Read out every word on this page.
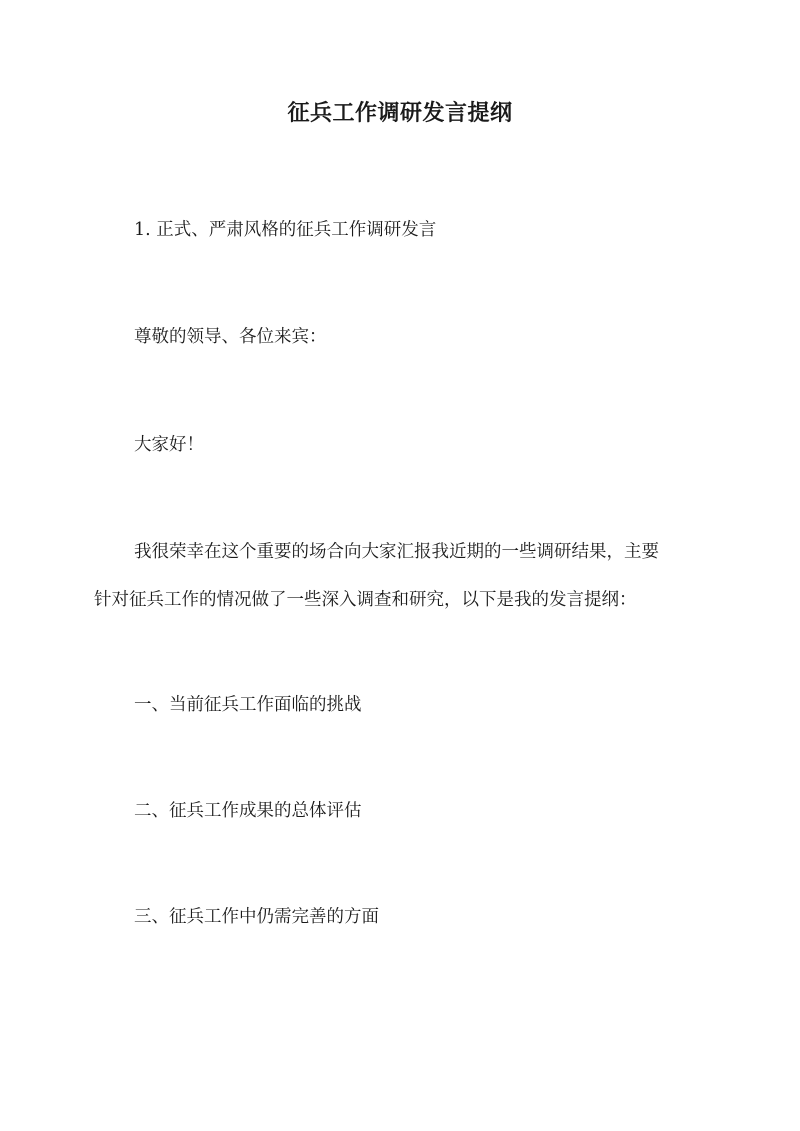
征兵工作调研发言提纲

1. 正式、严肃风格的征兵工作调研发言

尊敬的领导、各位来宾：

大家好！

我很荣幸在这个重要的场合向大家汇报我近期的一些调研结果，主要

针对征兵工作的情况做了一些深入调查和研究，以下是我的发言提纲：

一、当前征兵工作面临的挑战

二、征兵工作成果的总体评估

三、征兵工作中仍需完善的方面
